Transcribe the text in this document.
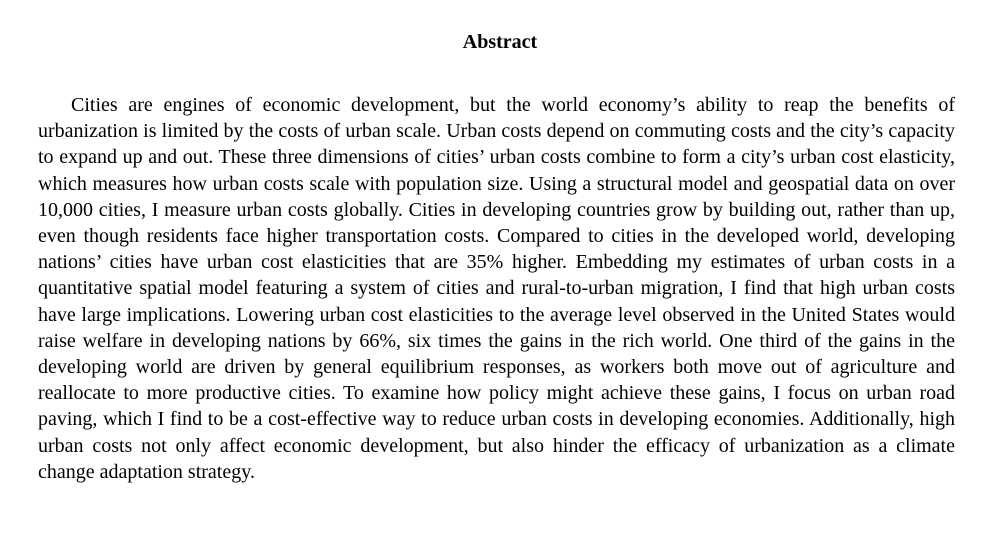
Abstract

Cities are engines of economic development, but the world economy’s ability to reap the benefits of urbanization is limited by the costs of urban scale. Urban costs depend on commuting costs and the city’s capacity to expand up and out. These three dimensions of cities’ urban costs combine to form a city’s urban cost elasticity, which measures how urban costs scale with population size. Using a structural model and geospatial data on over 10,000 cities, I measure urban costs globally. Cities in developing countries grow by building out, rather than up, even though residents face higher transportation costs. Compared to cities in the developed world, developing nations’ cities have urban cost elasticities that are 35% higher. Embedding my estimates of urban costs in a quantitative spatial model featuring a system of cities and rural-to-urban migration, I find that high urban costs have large implications. Lowering urban cost elasticities to the average level observed in the United States would raise welfare in developing nations by 66%, six times the gains in the rich world. One third of the gains in the developing world are driven by general equilibrium responses, as workers both move out of agriculture and reallocate to more productive cities. To examine how policy might achieve these gains, I focus on urban road paving, which I find to be a cost-effective way to reduce urban costs in developing economies. Additionally, high urban costs not only affect economic development, but also hinder the efficacy of urbanization as a climate change adaptation strategy.
